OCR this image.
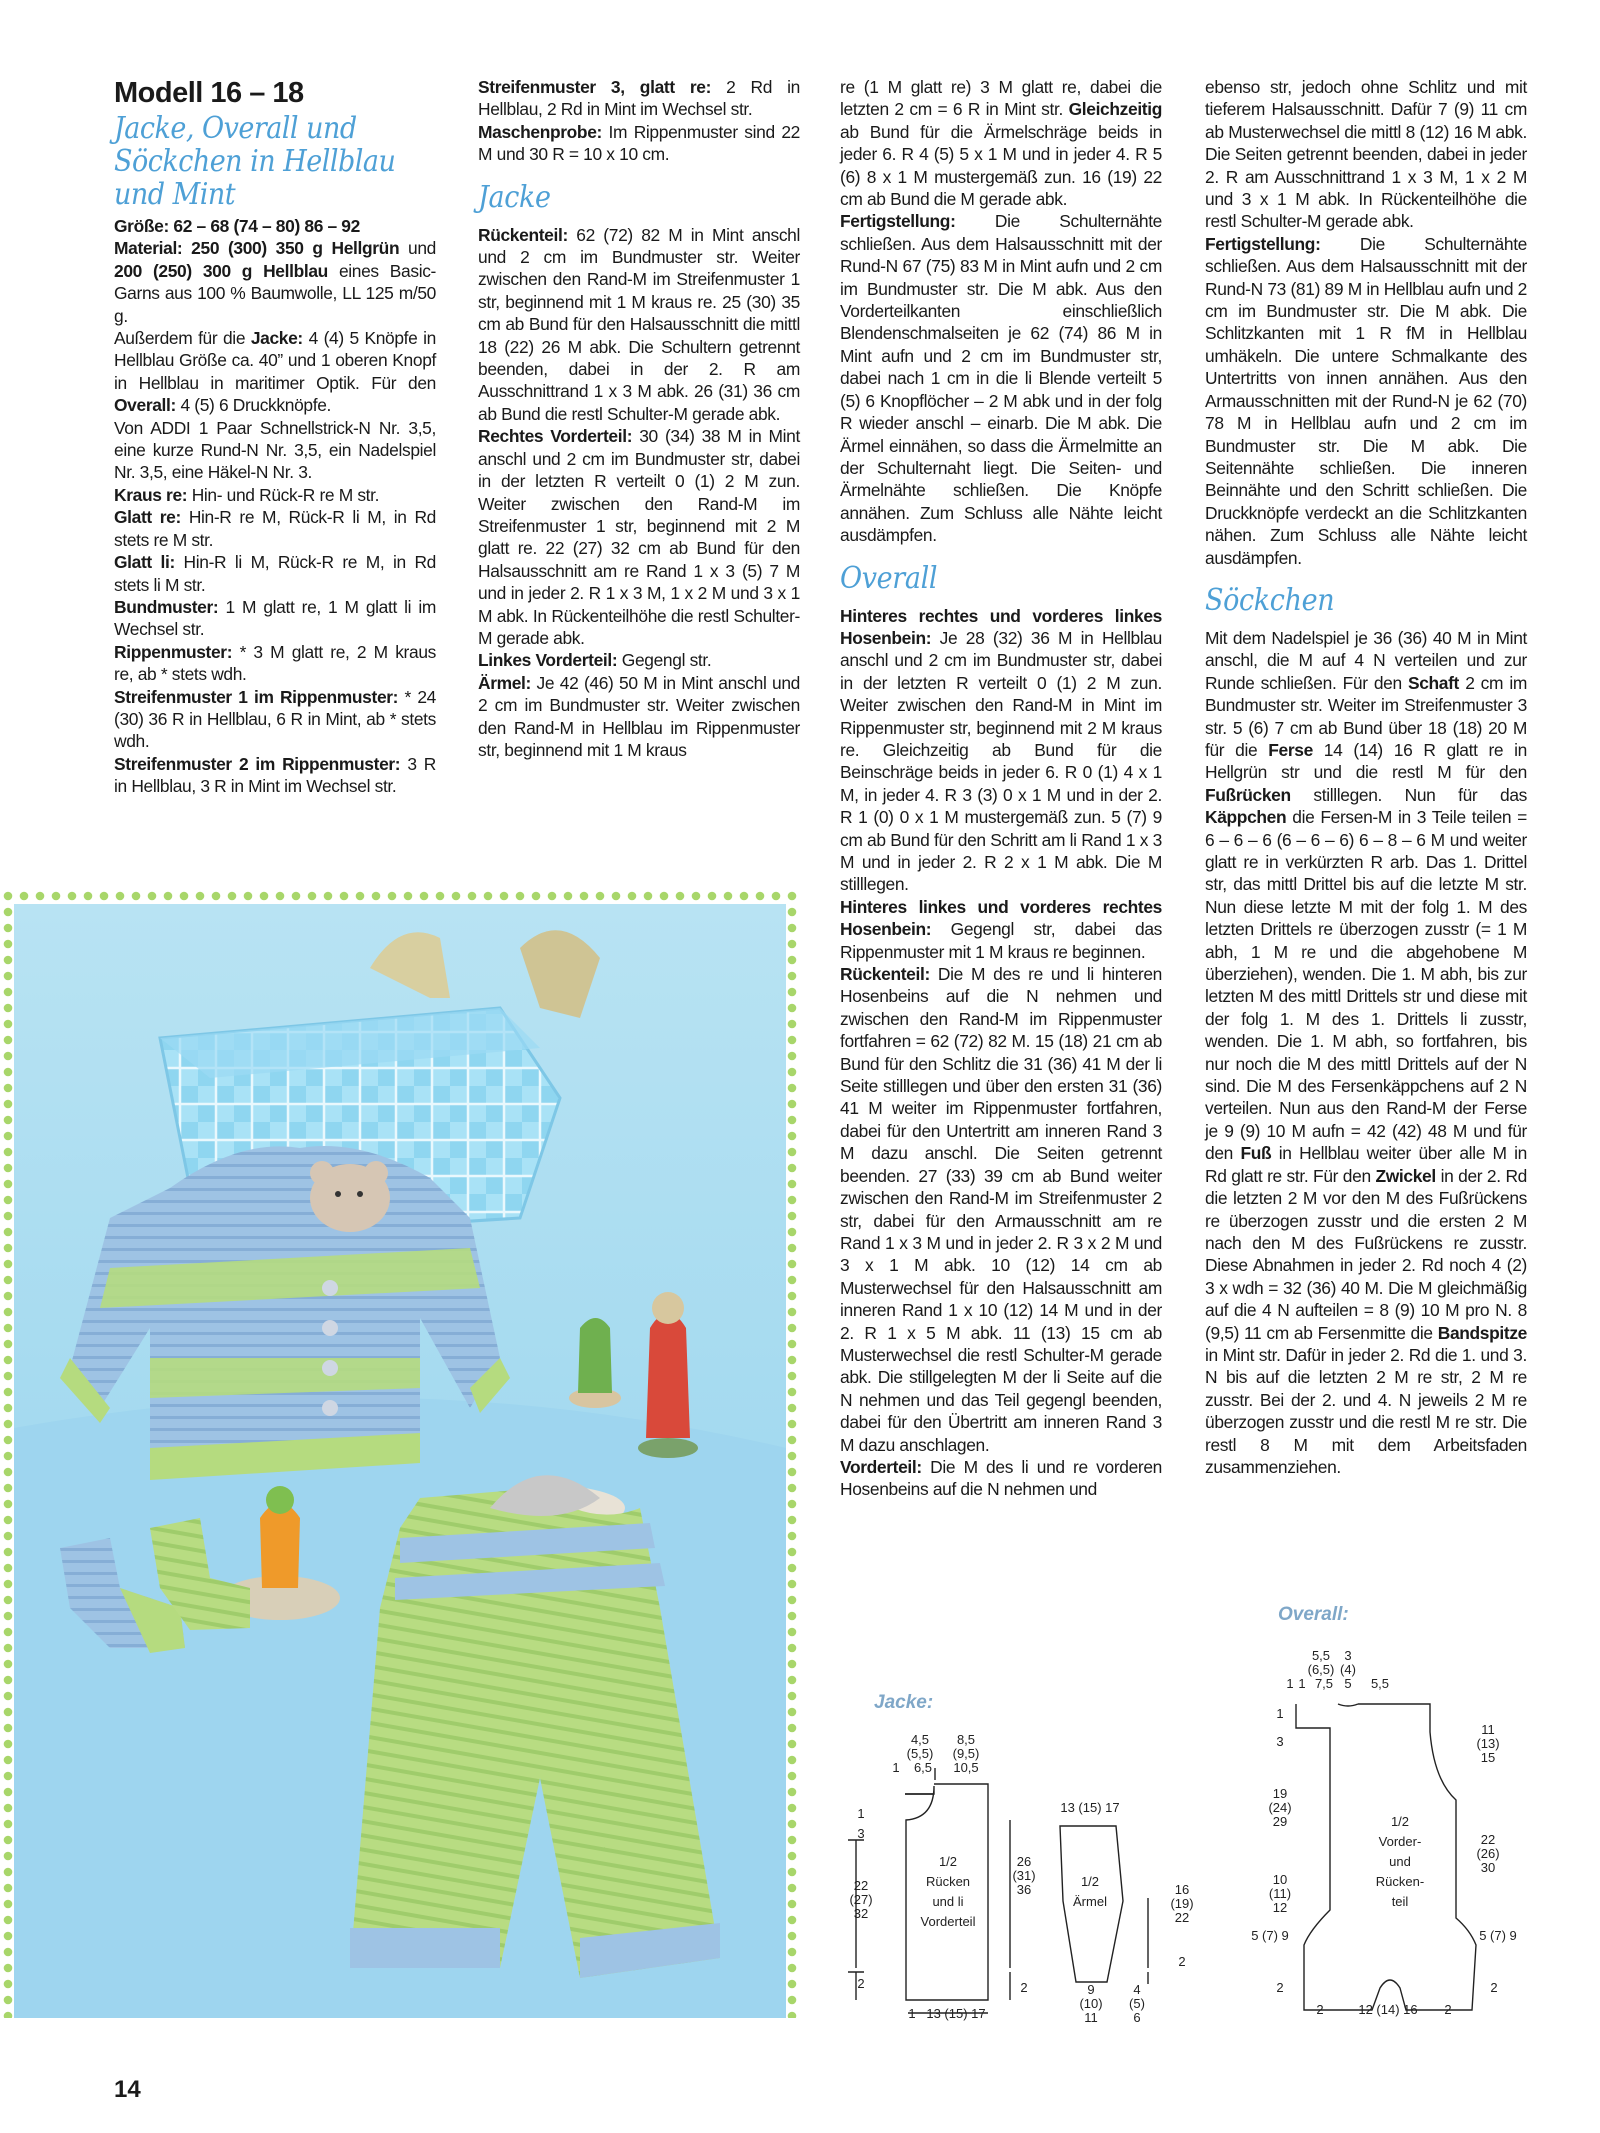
Modell 16 – 18
Jacke, Overall und
Söckchen in Hellblau
und Mint

Größe: 62 – 68 (74 – 80) 86 – 92

Material: 250 (300) 350 g Hellgrün und 200 (250) 300 g Hellblau eines Basic-Garns aus 100 % Baumwolle, LL 125 m/50 g.

Außerdem für die Jacke: 4 (4) 5 Knöpfe in Hellblau Größe ca. 40” und 1 oberen Knopf in Hellblau in maritimer Optik. Für den Overall: 4 (5) 6 Druckknöpfe.

Von ADDI 1 Paar Schnellstrick-N Nr. 3,5, eine kurze Rund-N Nr. 3,5, ein Nadelspiel Nr. 3,5, eine Häkel-N Nr. 3.

Kraus re: Hin- und Rück-R re M str.

Glatt re: Hin-R re M, Rück-R li M, in Rd stets re M str.

Glatt li: Hin-R li M, Rück-R re M, in Rd stets li M str.

Bundmuster: 1 M glatt re, 1 M glatt li im Wechsel str.

Rippenmuster: * 3 M glatt re, 2 M kraus re, ab * stets wdh.

Streifenmuster 1 im Rippenmuster: * 24 (30) 36 R in Hellblau, 6 R in Mint, ab * stets wdh.

Streifenmuster 2 im Rippenmuster: 3 R in Hellblau, 3 R in Mint im Wechsel str.

Streifenmuster 3, glatt re: 2 Rd in Hellblau, 2 Rd in Mint im Wechsel str.

Maschenprobe: Im Rippenmuster sind 22 M und 30 R = 10 x 10 cm.

Jacke

Rückenteil: 62 (72) 82 M in Mint anschl und 2 cm im Bundmuster str. Weiter zwischen den Rand-M im Streifenmuster 1 str, beginnend mit 1 M kraus re. 25 (30) 35 cm ab Bund für den Halsausschnitt die mittl 18 (22) 26 M abk. Die Schultern getrennt beenden, dabei in der 2. R am Ausschnittrand 1 x 3 M abk. 26 (31) 36 cm ab Bund die restl Schulter-M gerade abk.

Rechtes Vorderteil: 30 (34) 38 M in Mint anschl und 2 cm im Bundmuster str, dabei in der letzten R verteilt 0 (1) 2 M zun. Weiter zwischen den Rand-M im Streifenmuster 1 str, beginnend mit 2 M glatt re. 22 (27) 32 cm ab Bund für den Halsausschnitt am re Rand 1 x 3 (5) 7 M und in jeder 2. R 1 x 3 M, 1 x 2 M und 3 x 1 M abk. In Rückenteilhöhe die restl Schulter-M gerade abk.

Linkes Vorderteil: Gegengl str.

Ärmel: Je 42 (46) 50 M in Mint anschl und 2 cm im Bundmuster str. Weiter zwischen den Rand-M in Hellblau im Rippenmuster str, beginnend mit 1 M kraus

re (1 M glatt re) 3 M glatt re, dabei die letzten 2 cm = 6 R in Mint str. Gleichzeitig ab Bund für die Ärmelschräge beids in jeder 6. R 4 (5) 5 x 1 M und in jeder 4. R 5 (6) 8 x 1 M mustergemäß zun. 16 (19) 22 cm ab Bund die M gerade abk.

Fertigstellung: Die Schulternähte schließen. Aus dem Halsausschnitt mit der Rund-N 67 (75) 83 M in Mint aufn und 2 cm im Bundmuster str. Die M abk. Aus den Vorderteilkanten einschließlich Blendenschmalseiten je 62 (74) 86 M in Mint aufn und 2 cm im Bundmuster str, dabei nach 1 cm in die li Blende verteilt 5 (5) 6 Knopflöcher – 2 M abk und in der folg R wieder anschl – einarb. Die M abk. Die Ärmel einnähen, so dass die Ärmelmitte an der Schulternaht liegt. Die Seiten- und Ärmelnähte schließen. Die Knöpfe annähen. Zum Schluss alle Nähte leicht ausdämpfen.

Overall

Hinteres rechtes und vorderes linkes Hosenbein: Je 28 (32) 36 M in Hellblau anschl und 2 cm im Bundmuster str, dabei in der letzten R verteilt 0 (1) 2 M zun. Weiter zwischen den Rand-M in Mint im Rippenmuster str, beginnend mit 2 M kraus re. Gleichzeitig ab Bund für die Beinschräge beids in jeder 6. R 0 (1) 4 x 1 M, in jeder 4. R 3 (3) 0 x 1 M und in der 2. R 1 (0) 0 x 1 M mustergemäß zun. 5 (7) 9 cm ab Bund für den Schritt am li Rand 1 x 3 M und in jeder 2. R 2 x 1 M abk. Die M stilllegen.

Hinteres linkes und vorderes rechtes Hosenbein: Gegengl str, dabei das Rippenmuster mit 1 M kraus re beginnen.

Rückenteil: Die M des re und li hinteren Hosenbeins auf die N nehmen und zwischen den Rand-M im Rippenmuster fortfahren = 62 (72) 82 M. 15 (18) 21 cm ab Bund für den Schlitz die 31 (36) 41 M der li Seite stilllegen und über den ersten 31 (36) 41 M weiter im Rippenmuster fortfahren, dabei für den Untertritt am inneren Rand 3 M dazu anschl. Die Seiten getrennt beenden. 27 (33) 39 cm ab Bund weiter zwischen den Rand-M im Streifenmuster 2 str, dabei für den Armausschnitt am re Rand 1 x 3 M und in jeder 2. R 3 x 2 M und 3 x 1 M abk. 10 (12) 14 cm ab Musterwechsel für den Halsausschnitt am inneren Rand 1 x 10 (12) 14 M und in der 2. R 1 x 5 M abk. 11 (13) 15 cm ab Musterwechsel die restl Schulter-M gerade abk. Die stillgelegten M der li Seite auf die N nehmen und das Teil gegengl beenden, dabei für den Übertritt am inneren Rand 3 M dazu anschlagen.

Vorderteil: Die M des li und re vorderen Hosenbeins auf die N nehmen und

ebenso str, jedoch ohne Schlitz und mit tieferem Halsausschnitt. Dafür 7 (9) 11 cm ab Musterwechsel die mittl 8 (12) 16 M abk. Die Seiten getrennt beenden, dabei in jeder 2. R am Ausschnittrand 1 x 3 M, 1 x 2 M und 3 x 1 M abk. In Rückenteilhöhe die restl Schulter-M gerade abk.

Fertigstellung: Die Schulternähte schließen. Aus dem Halsausschnitt mit der Rund-N 73 (81) 89 M in Hellblau aufn und 2 cm im Bundmuster str. Die M abk. Die Schlitzkanten mit 1 R fM in Hellblau umhäkeln. Die untere Schmalkante des Untertritts von innen annähen. Aus den Armausschnitten mit der Rund-N je 62 (70) 78 M in Hellblau aufn und 2 cm im Bundmuster str. Die M abk. Die Seitennähte schließen. Die inneren Beinnähte und den Schritt schließen. Die Druckknöpfe verdeckt an die Schlitzkanten nähen. Zum Schluss alle Nähte leicht ausdämpfen.

Söckchen

Mit dem Nadelspiel je 36 (36) 40 M in Mint anschl, die M auf 4 N verteilen und zur Runde schließen. Für den Schaft 2 cm im Bundmuster str. Weiter im Streifenmuster 3 str. 5 (6) 7 cm ab Bund über 18 (18) 20 M für die Ferse 14 (14) 16 R glatt re in Hellgrün str und die restl M für den Fußrücken stilllegen. Nun für das Käppchen die Fersen-M in 3 Teile teilen = 6 – 6 – 6 (6 – 6 – 6) 6 – 8 – 6 M und weiter glatt re in verkürzten R arb. Das 1. Drittel str, das mittl Drittel bis auf die letzte M str. Nun diese letzte M mit der folg 1. M des letzten Drittels re überzogen zusstr (= 1 M abh, 1 M re und die abgehobene M überziehen), wenden. Die 1. M abh, bis zur letzten M des mittl Drittels str und diese mit der folg 1. M des 1. Drittels li zusstr, wenden. Die 1. M abh, so fortfahren, bis nur noch die M des mittl Drittels auf der N sind. Die M des Fersenkäppchens auf 2 N verteilen. Nun aus den Rand-M der Ferse je 9 (9) 10 M aufn = 42 (42) 48 M und für den Fuß in Hellblau weiter über alle M in Rd glatt re str. Für den Zwickel in der 2. Rd die letzten 2 M vor den M des Fußrückens re überzogen zusstr und die ersten 2 M nach den M des Fußrückens re zusstr. Diese Abnahmen in jeder 2. Rd noch 4 (2) 3 x wdh = 32 (36) 40 M. Die M gleichmäßig auf die 4 N aufteilen = 8 (9) 10 M pro N. 8 (9,5) 11 cm ab Fersenmitte die Bandspitze in Mint str. Dafür in jeder 2. Rd die 1. und 3. N bis auf die letzten 2 M re str, 2 M re zusstr. Bei der 2. und 4. N jeweils 2 M re überzogen zusstr und die restl M re str. Die restl 8 M mit dem Arbeitsfaden zusammenziehen.

Jacke:
4,5
(5,5)
8,5
(9,5)
1 6,5 10,5
1
3
22
(27)
32
2
1/2
Rücken
und li
Vorderteil
26
(31)
36
2
1 13 (15) 17
13 (15) 17
1/2
Ärmel
16
(19)
22
2
9
(10)
11
4
(5)
6
Overall:
5,5 3
(6,5) (4)
1 1 7,5 5 5,5
1
3
19
(24)
29
10
(11)
12
5 (7) 9
2
1/2
Vorder-
und
Rücken-
teil
11
(13)
15
22
(26)
30
5 (7) 9
2
2	12 (14) 16 2
14
